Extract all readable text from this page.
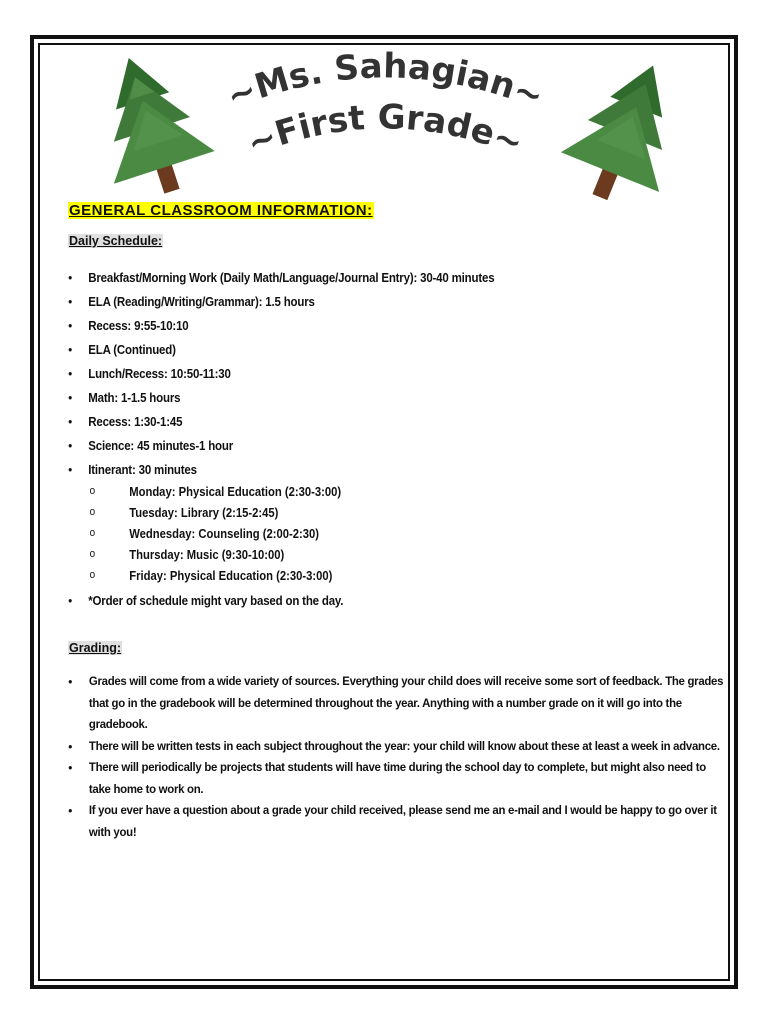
~Ms. Sahagian~
~First Grade~
GENERAL CLASSROOM INFORMATION:
Daily Schedule:
● Breakfast/Morning Work (Daily Math/Language/Journal Entry): 30-40 minutes
● ELA (Reading/Writing/Grammar): 1.5 hours
● Recess: 9:55-10:10
● ELA (Continued)
● Lunch/Recess: 10:50-11:30
● Math: 1-1.5 hours
● Recess: 1:30-1:45
● Science: 45 minutes-1 hour
● Itinerant: 30 minutes
o Monday: Physical Education (2:30-3:00)
o Tuesday: Library (2:15-2:45)
o Wednesday: Counseling (2:00-2:30)
o Thursday: Music (9:30-10:00)
o Friday: Physical Education (2:30-3:00)
● *Order of schedule might vary based on the day.
Grading:
● Grades will come from a wide variety of sources. Everything your child does will receive some sort of feedback. The grades that go in the gradebook will be determined throughout the year. Anything with a number grade on it will go into the gradebook.
● There will be written tests in each subject throughout the year: your child will know about these at least a week in advance.
● There will periodically be projects that students will have time during the school day to complete, but might also need to take home to work on.
● If you ever have a question about a grade your child received, please send me an e-mail and I would be happy to go over it with you!
